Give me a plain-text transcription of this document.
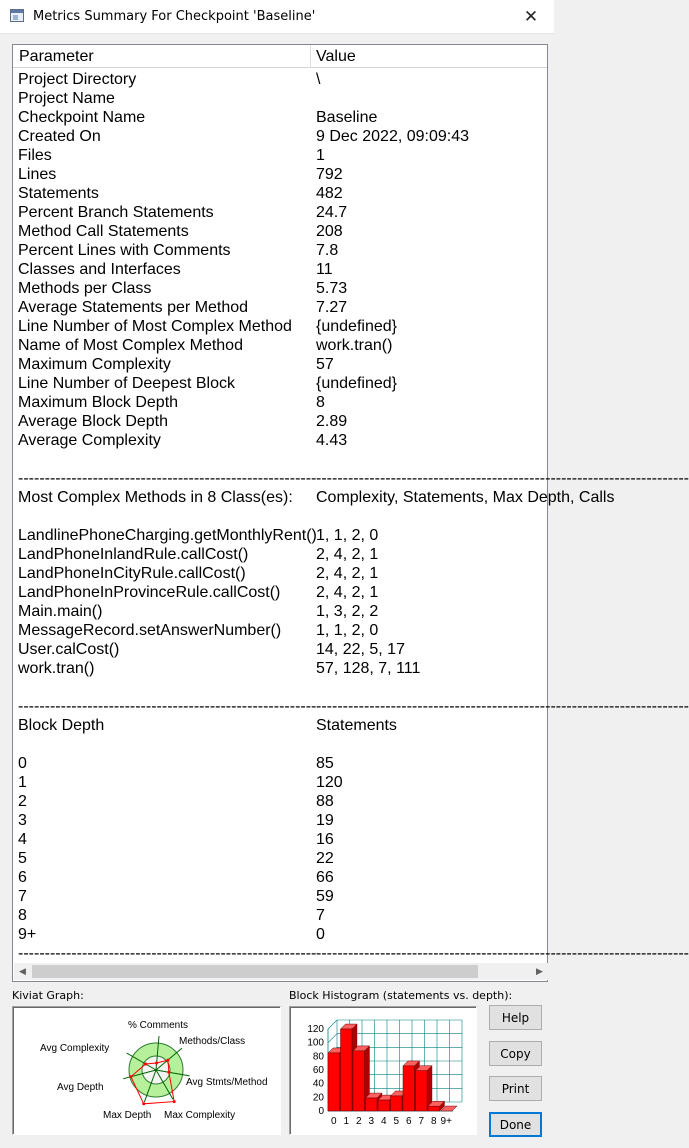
Metrics Summary For Checkpoint 'Baseline'	✕
Parameter	Value
Project Directory	\
Project Name
Checkpoint Name	Baseline
Created On	9 Dec 2022, 09:09:43
Files	1
Lines	792
Statements	482
Percent Branch Statements	24.7
Method Call Statements	208
Percent Lines with Comments	7.8
Classes and Interfaces	11
Methods per Class	5.73
Average Statements per Method	7.27
Line Number of Most Complex Method {undefined}
Name of Most Complex Method	work.tran()
Maximum Complexity	57
Line Number of Deepest Block	{undefined}
Maximum Block Depth	8
Average Block Depth	2.89
Average Complexity	4.43
-------------------------------------------------------- ----------------------------------------------------------------------
Most Complex Methods in 8 Class(es): Complexity, Statements, Max Depth, Calls
LandlinePhoneCharging.getMonthlyRent() 1, 1, 2, 0
LandPhoneInlandRule.callCost()	2, 4, 2, 1
LandPhoneInCityRule.callCost()	2, 4, 2, 1
LandPhoneInProvinceRule.callCost() 2, 4, 2, 1
Main.main()	1, 3, 2, 2
MessageRecord.setAnswerNumber() 1, 1, 2, 0
User.calCost()	14, 22, 5, 17
work.tran()	57, 128, 7, 111
-------------------------------------------------------- ----------------------------------------------------------------------
Block Depth	Statements
0	85
1	120
2	88
3	19
4	16
5	22
6	66
7	59
8	7
9+	0
-------------------------------------------------------- ----------------------------------------------------------------------
◀	▶
Kiviat Graph:
% Comments
Methods/Class
Avg Stmts/Method
Max Complexity
Max Depth
Avg Depth
Avg Complexity
Block Histogram (statements vs. depth):
0
20
40
60
80
100
120
0 1 2 3 4 5 6 7 8 9+
Help
Copy
Print
Done
